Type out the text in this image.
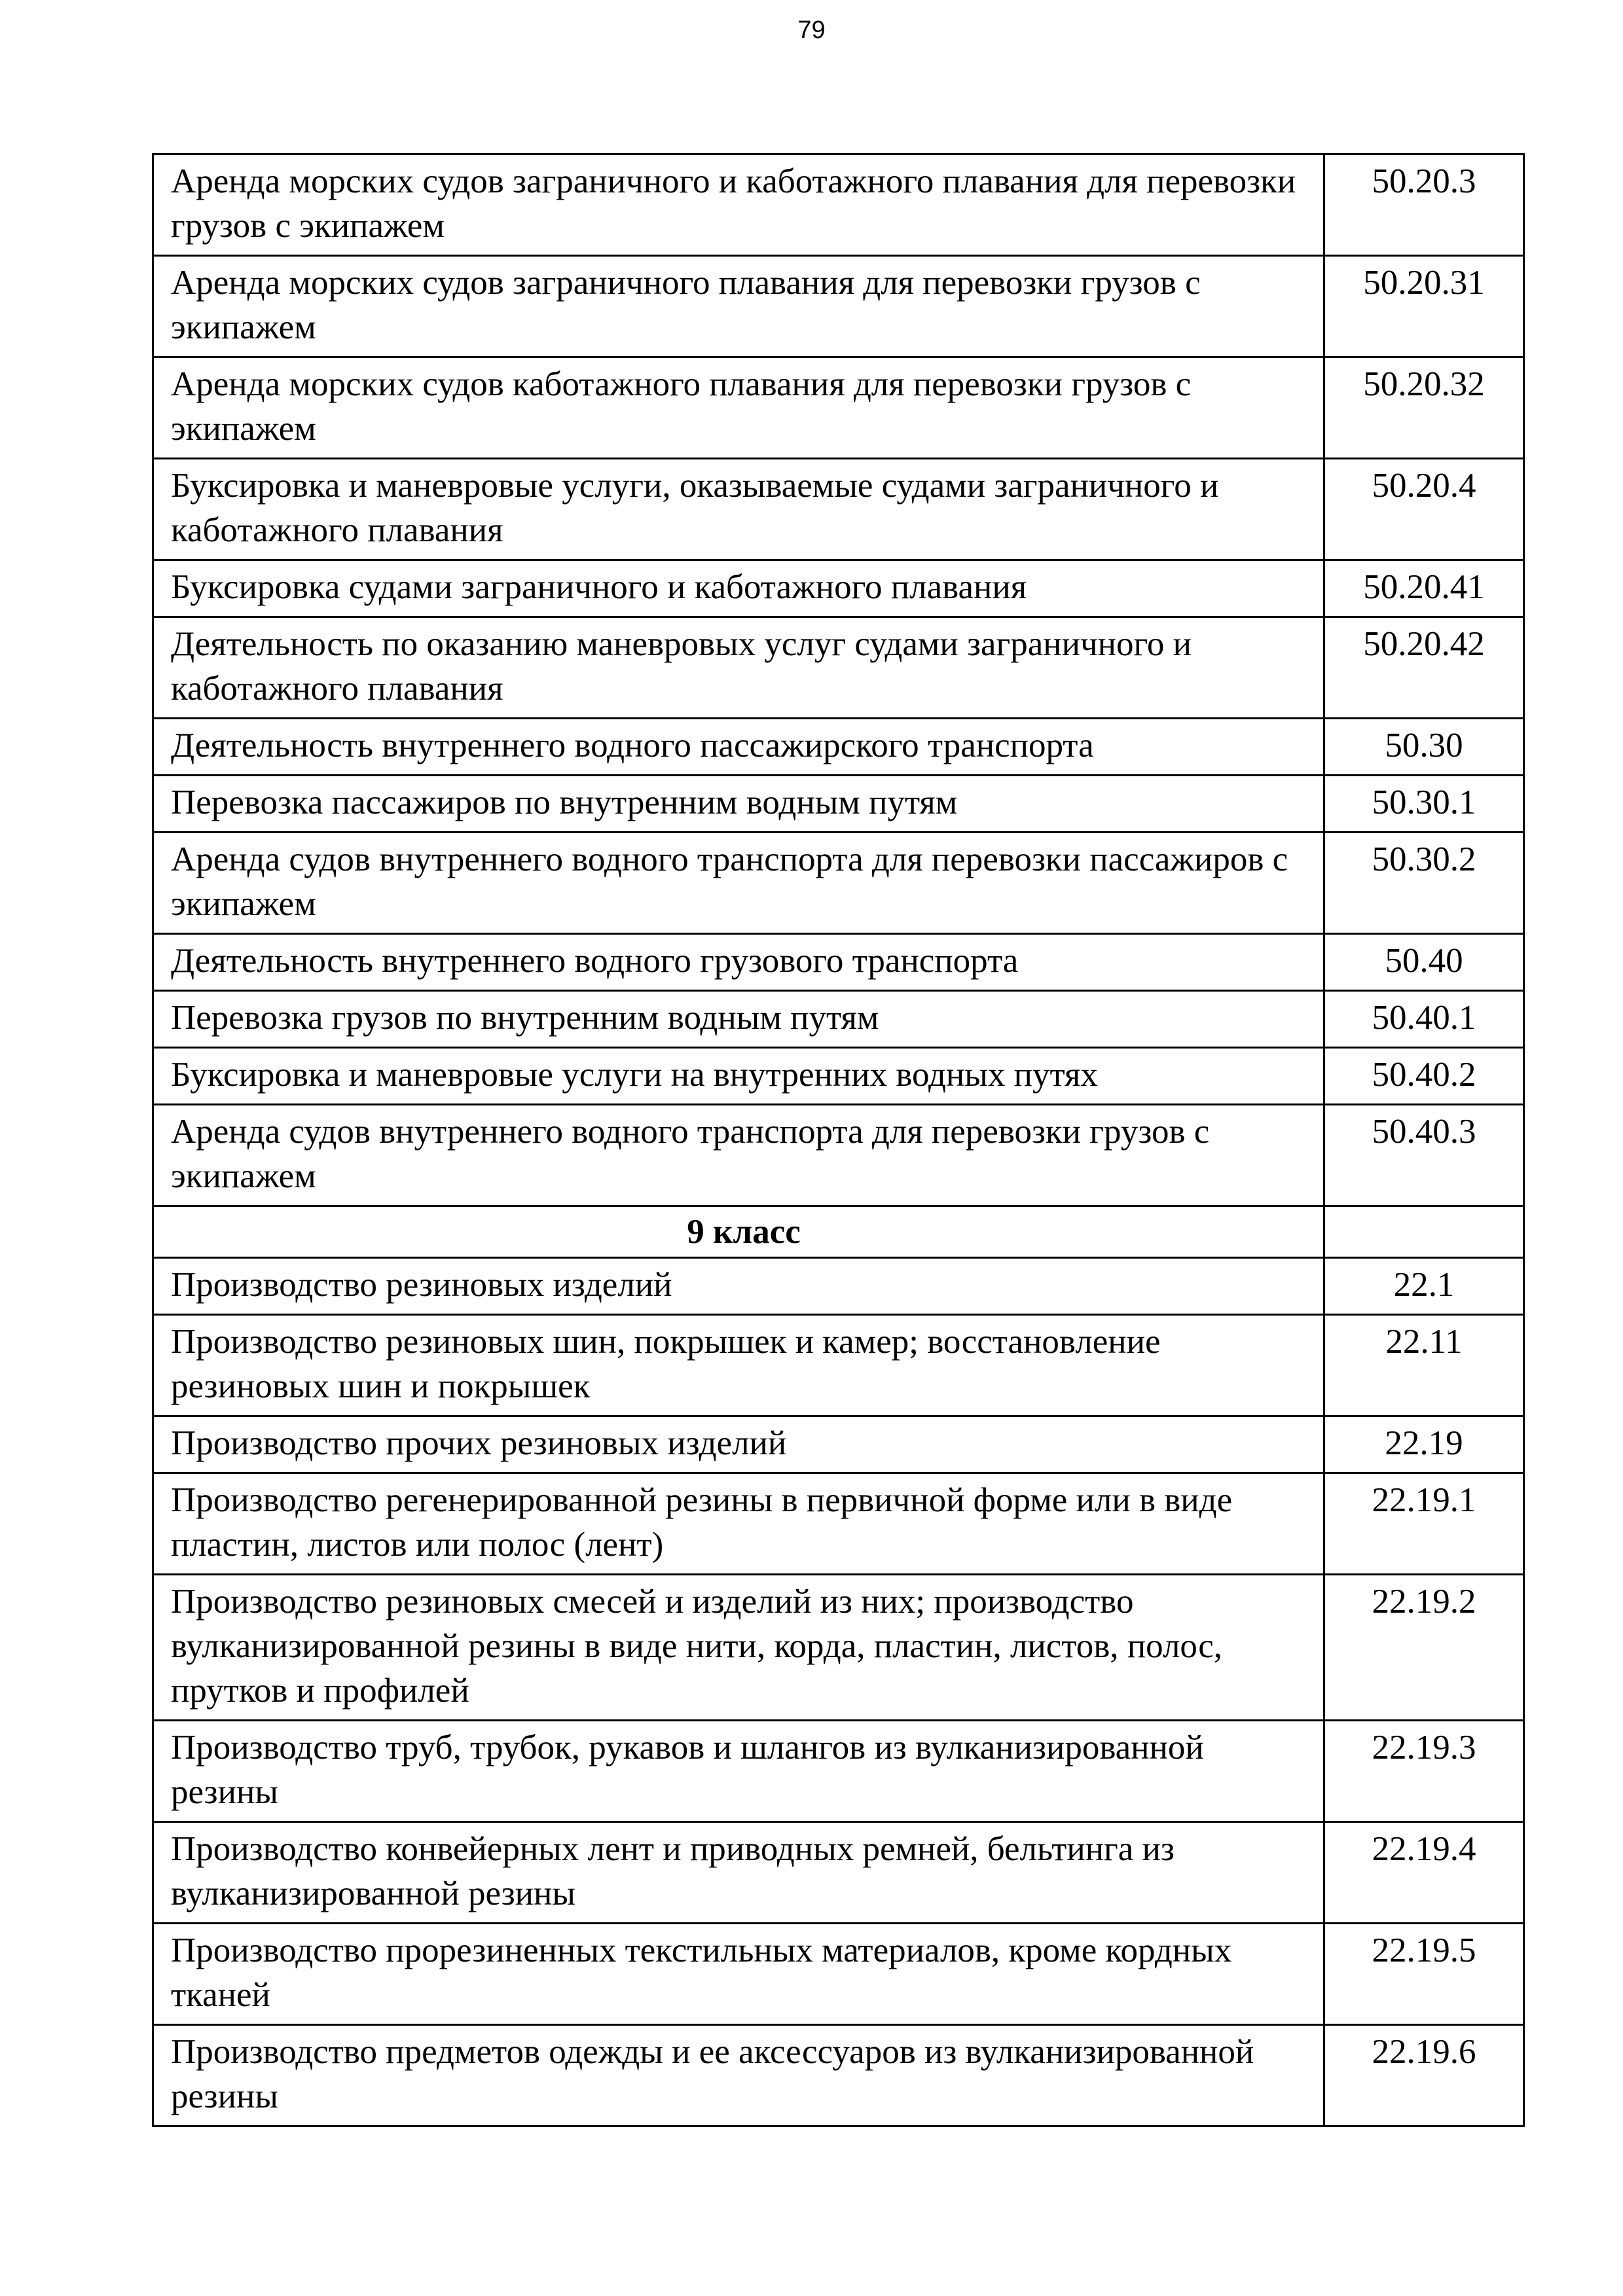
79
Аренда морских судов заграничного и каботажного плавания для перевозки грузов с экипажем	50.20.3
Аренда морских судов заграничного плавания для перевозки грузов с экипажем	50.20.31
Аренда морских судов каботажного плавания для перевозки грузов с экипажем	50.20.32
Буксировка и маневровые услуги, оказываемые судами заграничного и каботажного плавания	50.20.4
Буксировка судами заграничного и каботажного плавания	50.20.41
Деятельность по оказанию маневровых услуг судами заграничного и каботажного плавания	50.20.42
Деятельность внутреннего водного пассажирского транспорта	50.30
Перевозка пассажиров по внутренним водным путям	50.30.1
Аренда судов внутреннего водного транспорта для перевозки пассажиров с экипажем	50.30.2
Деятельность внутреннего водного грузового транспорта	50.40
Перевозка грузов по внутренним водным путям	50.40.1
Буксировка и маневровые услуги на внутренних водных путях	50.40.2
Аренда судов внутреннего водного транспорта для перевозки грузов с экипажем	50.40.3
9 класс	
Производство резиновых изделий	22.1
Производство резиновых шин, покрышек и камер; восстановление резиновых шин и покрышек	22.11
Производство прочих резиновых изделий	22.19
Производство регенерированной резины в первичной форме или в виде пластин, листов или полос (лент)	22.19.1
Производство резиновых смесей и изделий из них; производство вулканизированной резины в виде нити, корда, пластин, листов, полос, прутков и профилей	22.19.2
Производство труб, трубок, рукавов и шлангов из вулканизированной резины	22.19.3
Производство конвейерных лент и приводных ремней, бельтинга из вулканизированной резины	22.19.4
Производство прорезиненных текстильных материалов, кроме кордных тканей	22.19.5
Производство предметов одежды и ее аксессуаров из вулканизированной резины	22.19.6
